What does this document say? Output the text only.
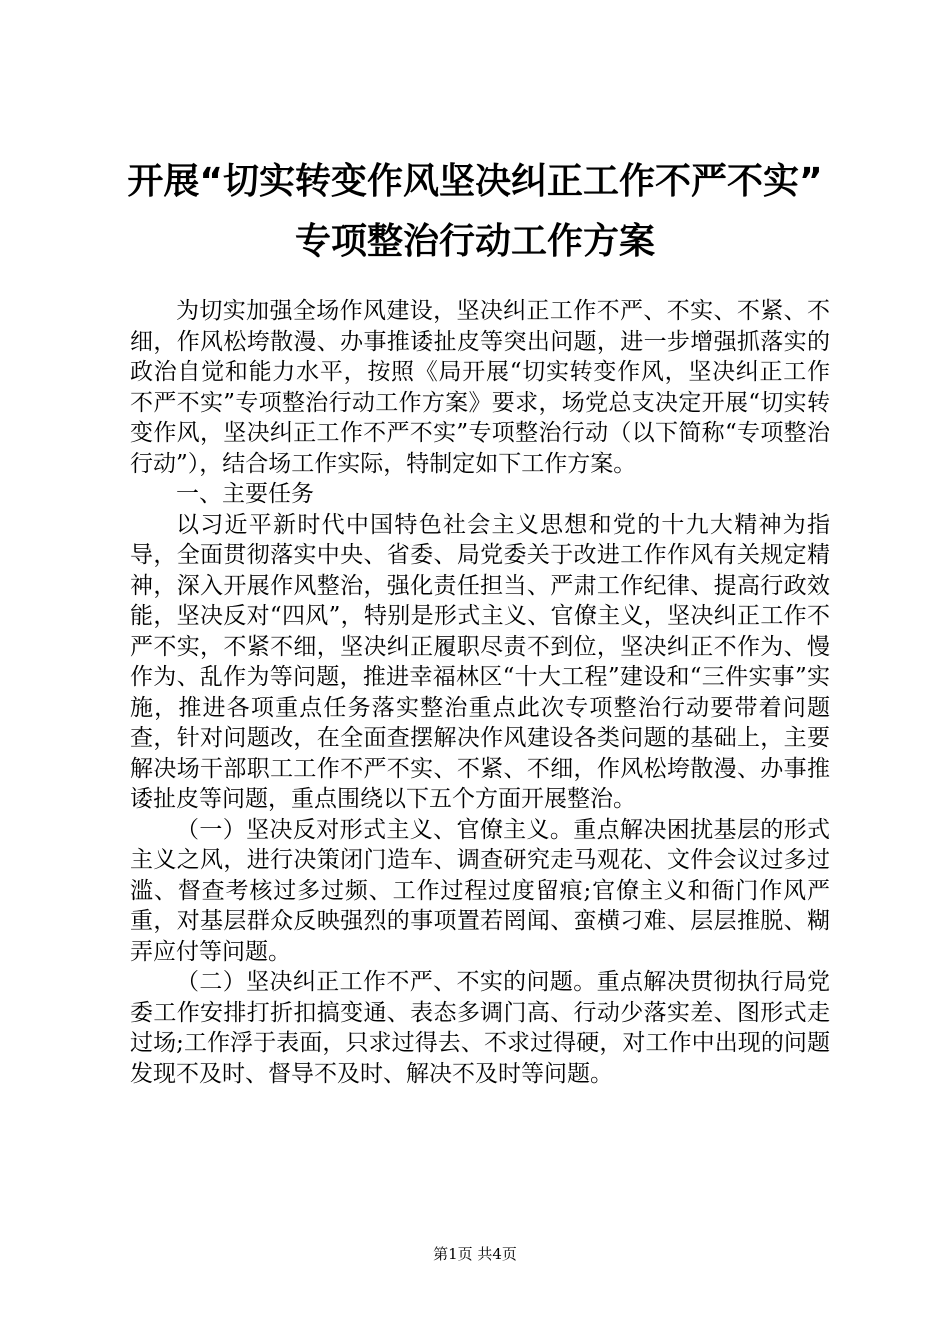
开展“切实转变作风坚决纠正工作不严不实”
专项整治行动工作方案

为切实加强全场作风建设，坚决纠正工作不严、不实、不紧、不细，作风松垮散漫、办事推诿扯皮等突出问题，进一步增强抓落实的政治自觉和能力水平，按照《局开展“切实转变作风，坚决纠正工作不严不实”专项整治行动工作方案》要求，场党总支决定开展“切实转变作风，坚决纠正工作不严不实”专项整治行动（以下简称“专项整治行动”），结合场工作实际，特制定如下工作方案。

一、主要任务

以习近平新时代中国特色社会主义思想和党的十九大精神为指导，全面贯彻落实中央、省委、局党委关于改进工作作风有关规定精神，深入开展作风整治，强化责任担当、严肃工作纪律、提高行政效能，坚决反对“四风”，特别是形式主义、官僚主义，坚决纠正工作不严不实，不紧不细，坚决纠正履职尽责不到位，坚决纠正不作为、慢作为、乱作为等问题，推进幸福林区“十大工程”建设和“三件实事”实施，推进各项重点任务落实整治重点此次专项整治行动要带着问题查，针对问题改，在全面查摆解决作风建设各类问题的基础上，主要解决场干部职工工作不严不实、不紧、不细，作风松垮散漫、办事推诿扯皮等问题，重点围绕以下五个方面开展整治。

（一）坚决反对形式主义、官僚主义。重点解决困扰基层的形式主义之风，进行决策闭门造车、调查研究走马观花、文件会议过多过滥、督查考核过多过频、工作过程过度留痕;官僚主义和衙门作风严重，对基层群众反映强烈的事项置若罔闻、蛮横刁难、层层推脱、糊弄应付等问题。

（二）坚决纠正工作不严、不实的问题。重点解决贯彻执行局党委工作安排打折扣搞变通、表态多调门高、行动少落实差、图形式走过场;工作浮于表面，只求过得去、不求过得硬，对工作中出现的问题发现不及时、督导不及时、解决不及时等问题。

第1页 共4页
